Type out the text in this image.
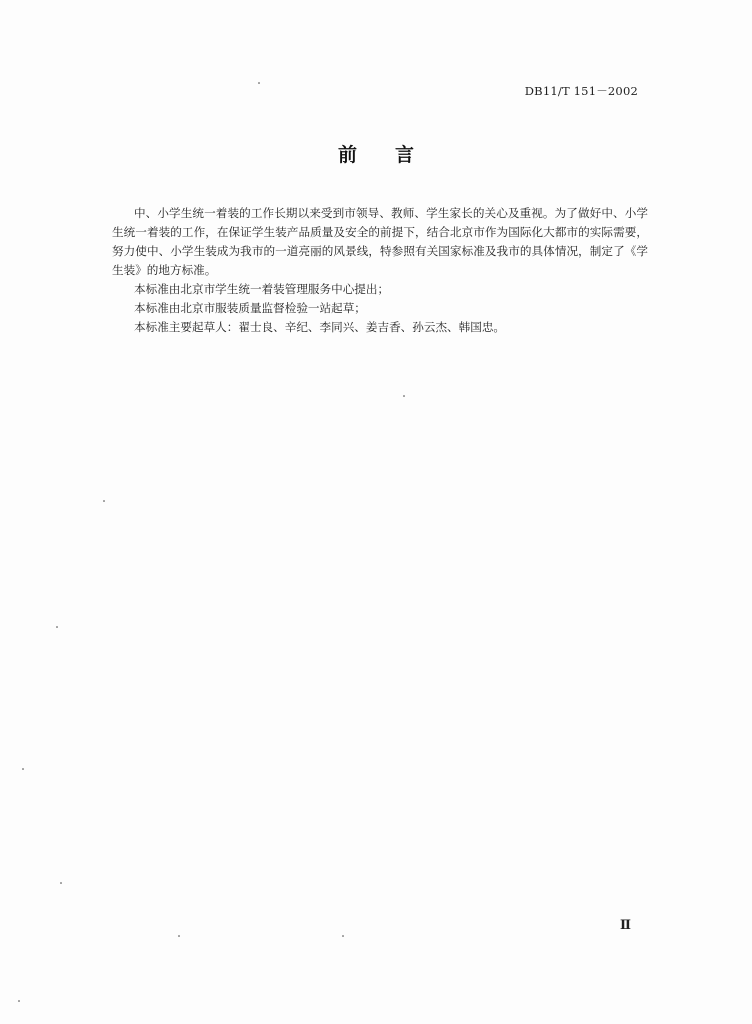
DB11/T 151－2002
前言

中、小学生统一着装的工作长期以来受到市领导、教师、学生家长的关心及重视。为了做好中、小学生统一着装的工作，在保证学生装产品质量及安全的前提下，结合北京市作为国际化大都市的实际需要，努力使中、小学生装成为我市的一道亮丽的风景线，特参照有关国家标准及我市的具体情况，制定了《学生装》的地方标准。

本标准由北京市学生统一着装管理服务中心提出；

本标准由北京市服装质量监督检验一站起草；

本标准主要起草人：翟士良、辛纪、李同兴、姜吉香、孙云杰、韩国忠。

Ⅱ
